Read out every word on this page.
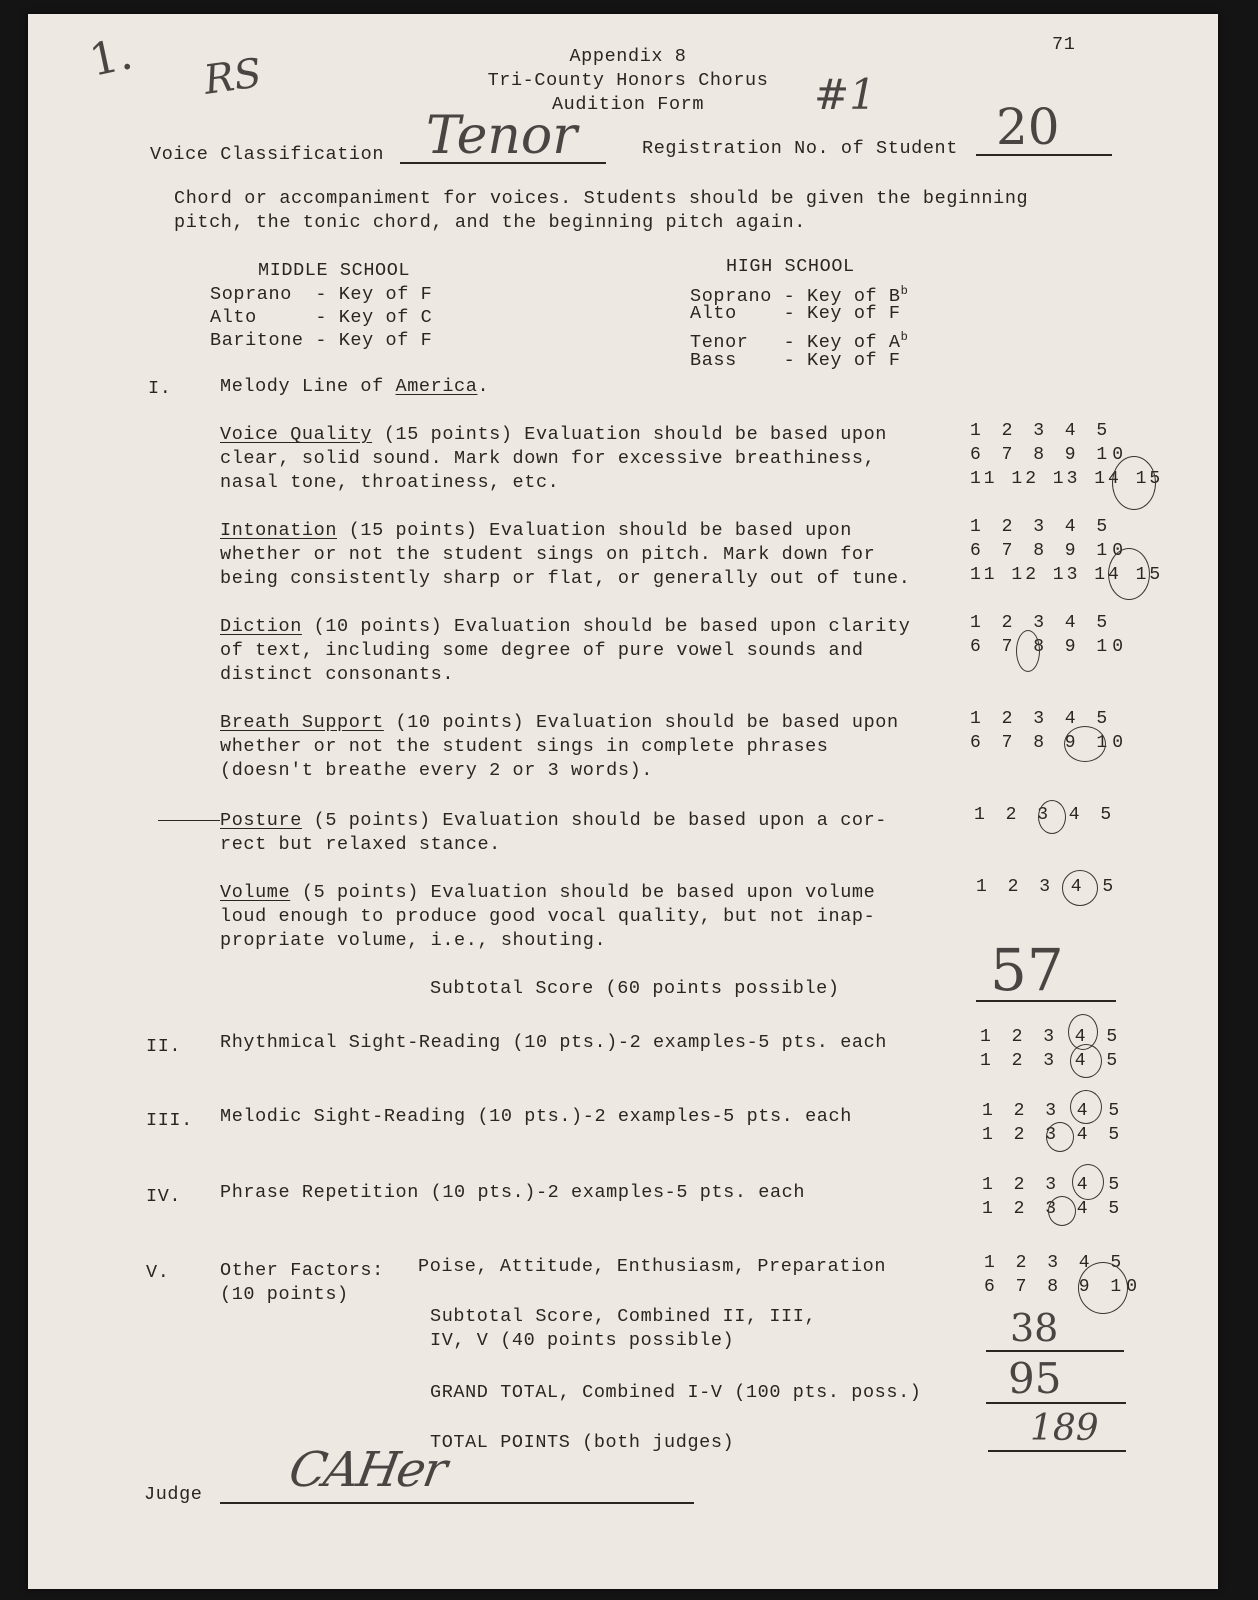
71
Appendix 8
Tri-County Honors Chorus
Audition Form
1. RS	#1
Voice Classification Tenor	Registration No. of Student 20
Chord or accompaniment for voices. Students should be given the beginning
pitch, the tonic chord, and the beginning pitch again.
MIDDLE SCHOOL
Soprano  - Key of F
Alto     - Key of C
Baritone - Key of F
HIGH SCHOOL
Soprano - Key of $B^b$
Alto    - Key of F
Tenor   - Key of $A^b$
Bass    - Key of F
I.	Melody Line of America.
Voice Quality (15 points) Evaluation should be based upon
clear, solid sound. Mark down for excessive breathiness,
nasal tone, throatiness, etc.
1 2 3 4 5
6 7 8 9 10
11 12 13 14 15
Intonation (15 points) Evaluation should be based upon
whether or not the student sings on pitch. Mark down for
being consistently sharp or flat, or generally out of tune.
1 2 3 4 5
6 7 8 9 10
11 12 13 14 15
Diction (10 points) Evaluation should be based upon clarity
of text, including some degree of pure vowel sounds and
distinct consonants.
1 2 3 4 5
6 7 8 9 10
Breath Support (10 points) Evaluation should be based upon
whether or not the student sings in complete phrases
(doesn't breathe every 2 or 3 words).
1 2 3 4 5
6 7 8 9 10
Posture (5 points) Evaluation should be based upon a cor-
rect but relaxed stance.
1 2 3 4 5
Volume (5 points) Evaluation should be based upon volume
loud enough to produce good vocal quality, but not inap-
propriate volume, i.e., shouting.
1 2 3 4 5
Subtotal Score (60 points possible)	57
II. Rhythmical Sight-Reading (10 pts.)-2 examples-5 pts. each	1 2 3 4 5
1 2 3 4 5
III. Melodic Sight-Reading (10 pts.)-2 examples-5 pts. each	1 2 3 4 5
1 2 3 4 5
IV. Phrase Repetition (10 pts.)-2 examples-5 pts. each	1 2 3 4 5
1 2 3 4 5
V.	Other Factors: Poise, Attitude, Enthusiasm, Preparation
(10 points)
1 2 3 4 5
6 7 8 9 10
Subtotal Score, Combined II, III,
IV, V (40 points possible)	38
GRAND TOTAL, Combined I-V (100 pts. poss.) 95
TOTAL POINTS (both judges)	189
Judge CAHer
